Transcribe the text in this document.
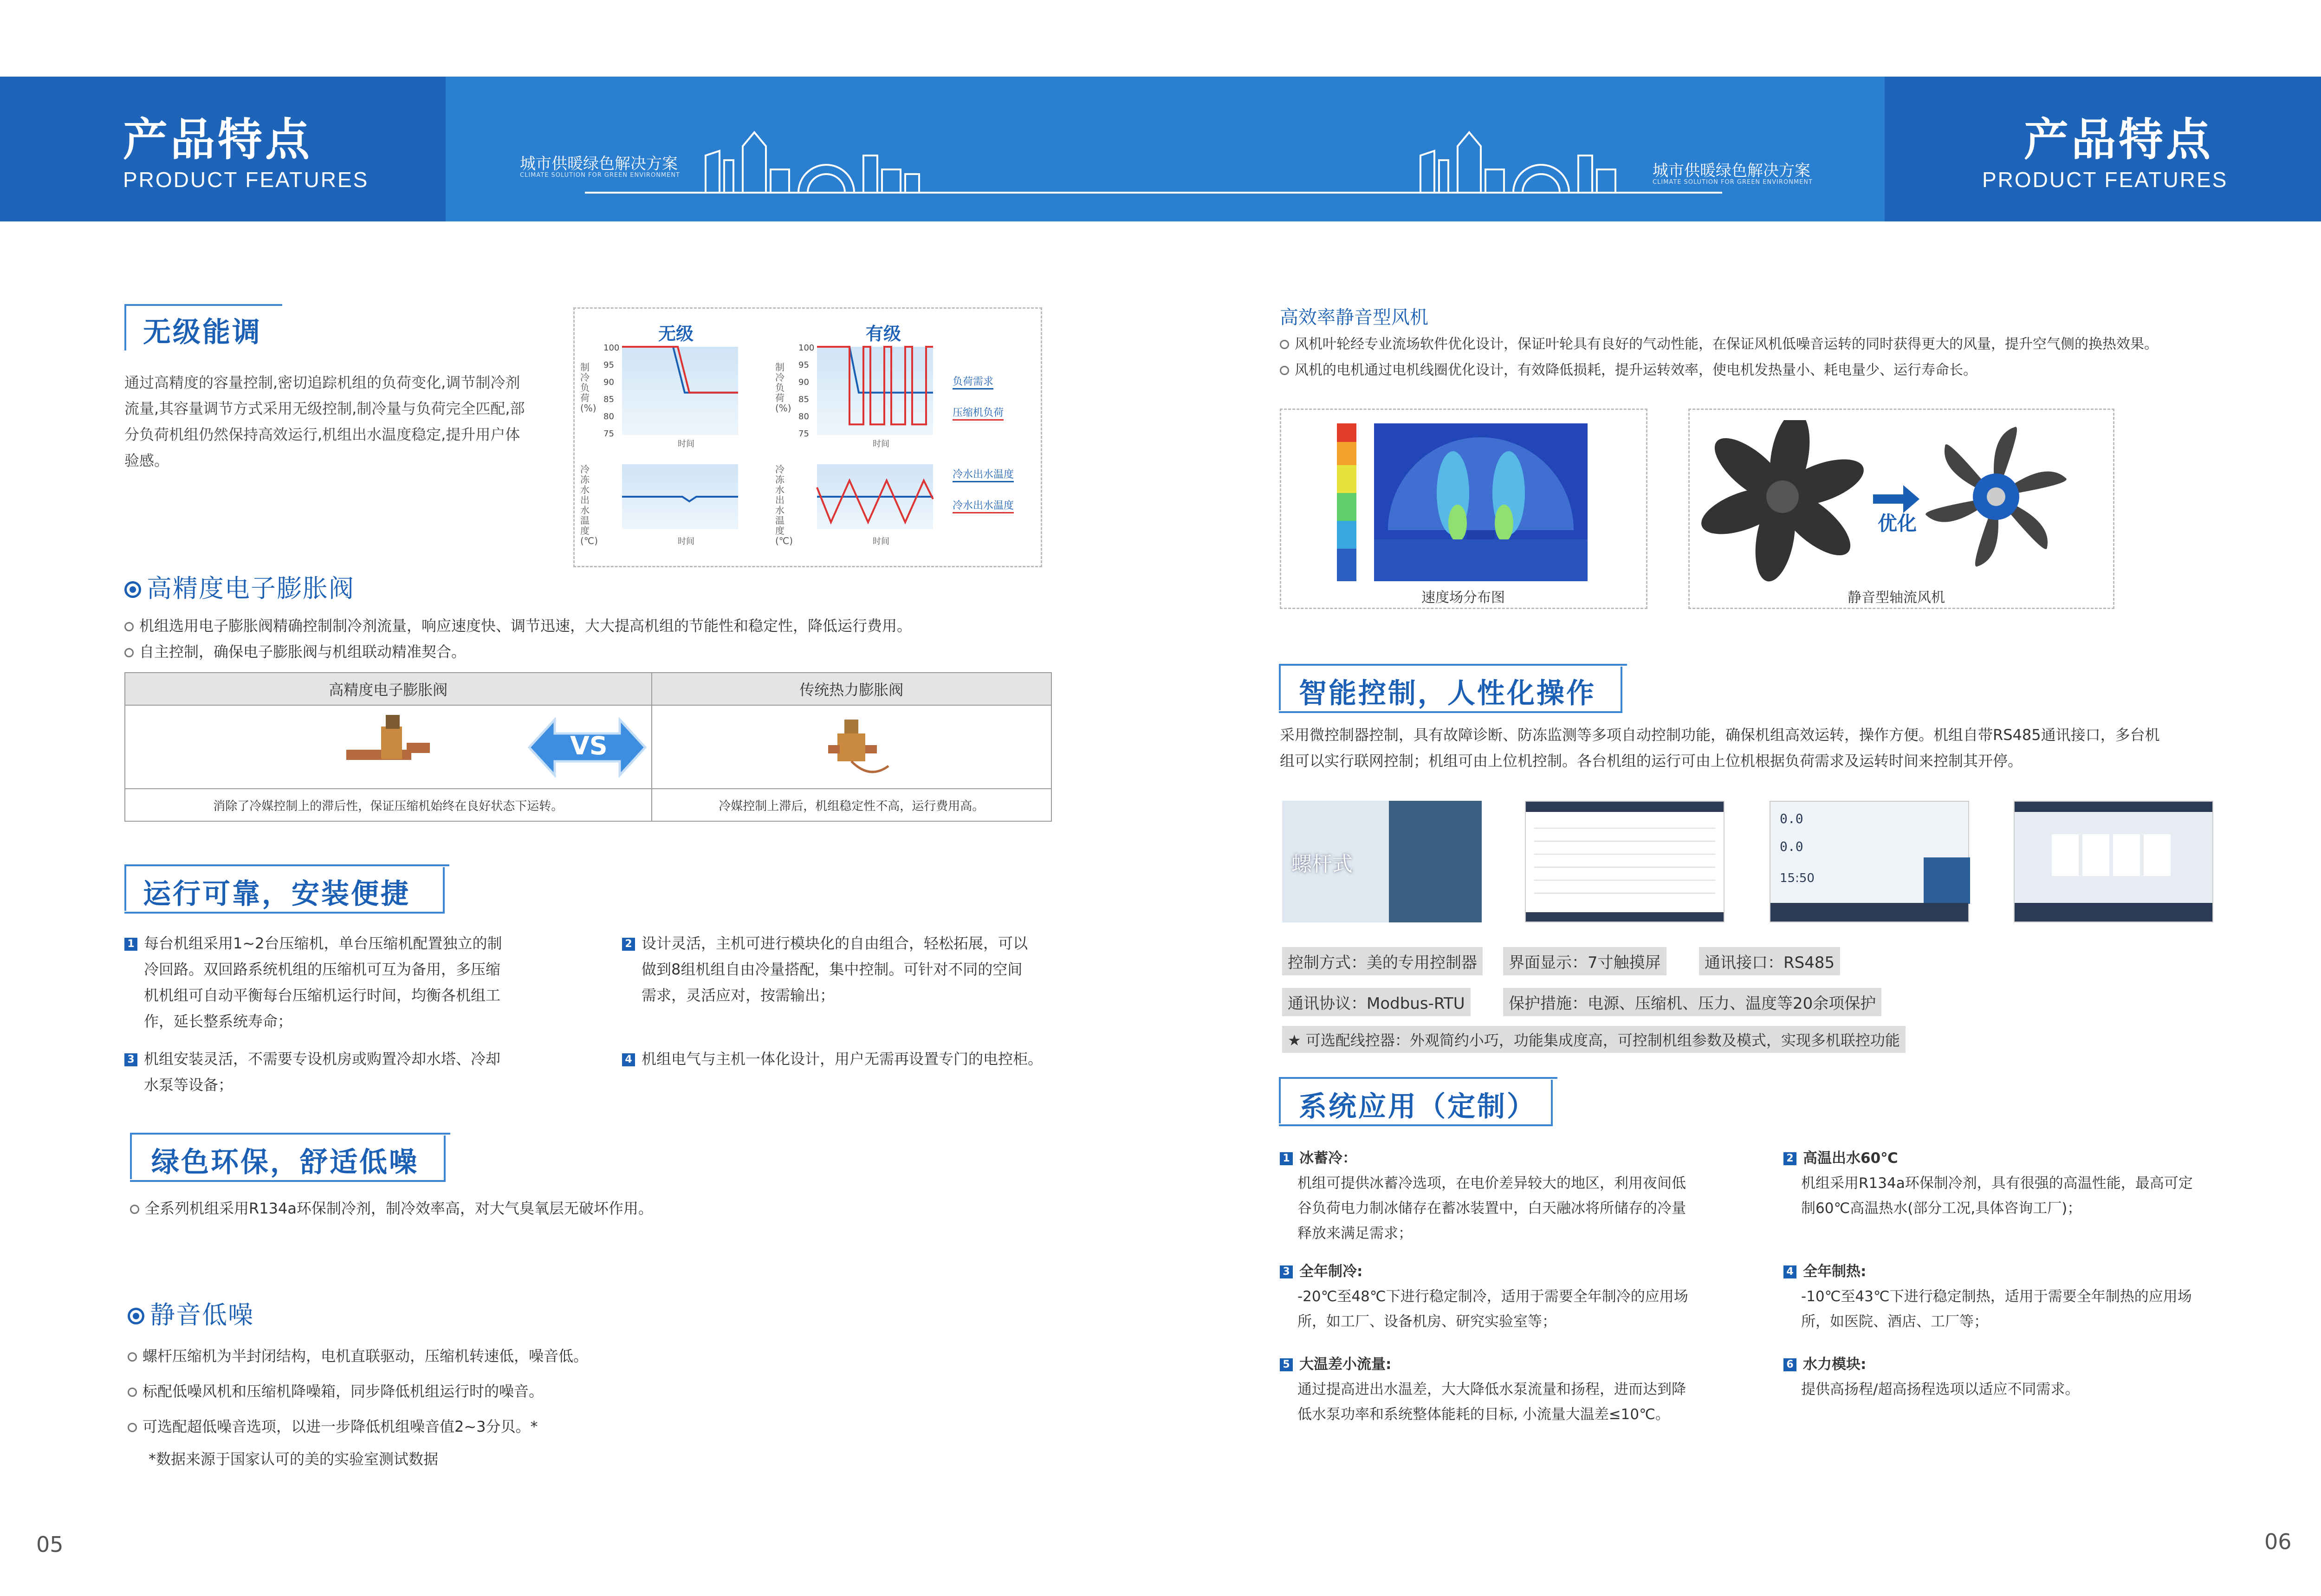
城市供暖绿色解决方案
CLIMATE SOLUTION FOR GREEN ENVIRONMENT	城市供暖绿色解决方案
CLIMATE SOLUTION FOR GREEN ENVIRONMENT
产品特点
PRODUCT FEATURES
产品特点
PRODUCT FEATURES
无级能调
通过高精度的容量控制,密切追踪机组的负荷变化,调节制冷剂
流量,其容量调节方式采用无级控制,制冷量与负荷完全匹配,部
分负荷机组仍然保持高效运行,机组出水温度稳定,提升用户体
验感。
无级	有级
100
95
90
85
80
75
100
95
90
85
80
75
制冷负荷(%)
冷冻水出水温度(℃)
制冷负荷(%)
冷冻水出水温度(℃)
时间	时间
时间	时间
负荷需求
压缩机负荷
冷水出水温度
冷水出水温度
高精度电子膨胀阀
机组选用电子膨胀阀精确控制制冷剂流量，响应速度快、调节迅速，大大提高机组的节能性和稳定性，降低运行费用。
自主控制，确保电子膨胀阀与机组联动精准契合。
高精度电子膨胀阀	传统热力膨胀阀

消除了冷媒控制上的滞后性，保证压缩机始终在良好状态下运转。	冷媒控制上滞后，机组稳定性不高，运行费用高。
VS
运行可靠，安装便捷
1 每台机组采用1~2台压缩机，单台压缩机配置独立的制
冷回路。双回路系统机组的压缩机可互为备用，多压缩
机机组可自动平衡每台压缩机运行时间，均衡各机组工
作，延长整系统寿命；
2 设计灵活，主机可进行模块化的自由组合，轻松拓展，可以
做到8组机组自由冷量搭配，集中控制。可针对不同的空间
需求，灵活应对，按需输出；
3 机组安装灵活，不需要专设机房或购置冷却水塔、冷却
水泵等设备；
4 机组电气与主机一体化设计，用户无需再设置专门的电控柜。
绿色环保，舒适低噪
全系列机组采用R134a环保制冷剂，制冷效率高，对大气臭氧层无破坏作用。
静音低噪
螺杆压缩机为半封闭结构，电机直联驱动，压缩机转速低，噪音低。
标配低噪风机和压缩机降噪箱，同步降低机组运行时的噪音。
可选配超低噪音选项，以进一步降低机组噪音值2~3分贝。*
*数据来源于国家认可的美的实验室测试数据
05
高效率静音型风机
风机叶轮经专业流场软件优化设计，保证叶轮具有良好的气动性能，在保证风机低噪音运转的同时获得更大的风量，提升空气侧的换热效果。
风机的电机通过电机线圈优化设计，有效降低损耗，提升运转效率，使电机发热量小、耗电量少、运行寿命长。
速度场分布图
优化
静音型轴流风机
智能控制，人性化操作
采用微控制器控制，具有故障诊断、防冻监测等多项自动控制功能，确保机组高效运转，操作方便。机组自带RS485通讯接口，多台机
组可以实行联网控制；机组可由上位机控制。各台机组的运行可由上位机根据负荷需求及运转时间来控制其开停。
螺杆式
0.0
0.0
15:50
控制方式：美的专用控制器	界面显示：7寸触摸屏	通讯接口：RS485
通讯协议：Modbus-RTU	保护措施：电源、压缩机、压力、温度等20余项保护
★ 可选配线控器：外观简约小巧，功能集成度高，可控制机组参数及模式，实现多机联控功能
系统应用（定制）
1 冰蓄冷：
机组可提供冰蓄冷选项，在电价差异较大的地区，利用夜间低
谷负荷电力制冰储存在蓄冰装置中，白天融冰将所储存的冷量
释放来满足需求；
2 高温出水60℃
机组采用R134a环保制冷剂，具有很强的高温性能，最高可定
制60℃高温热水(部分工况,具体咨询工厂)；
3 全年制冷:
-20℃至48℃下进行稳定制冷，适用于需要全年制冷的应用场
所，如工厂、设备机房、研究实验室等；
4 全年制热:
-10℃至43℃下进行稳定制热，适用于需要全年制热的应用场
所，如医院、酒店、工厂等；
5 大温差小流量:
通过提高进出水温差，大大降低水泵流量和扬程，进而达到降
低水泵功率和系统整体能耗的目标, 小流量大温差≤10℃。
6 水力模块:
提供高扬程/超高扬程选项以适应不同需求。
06
